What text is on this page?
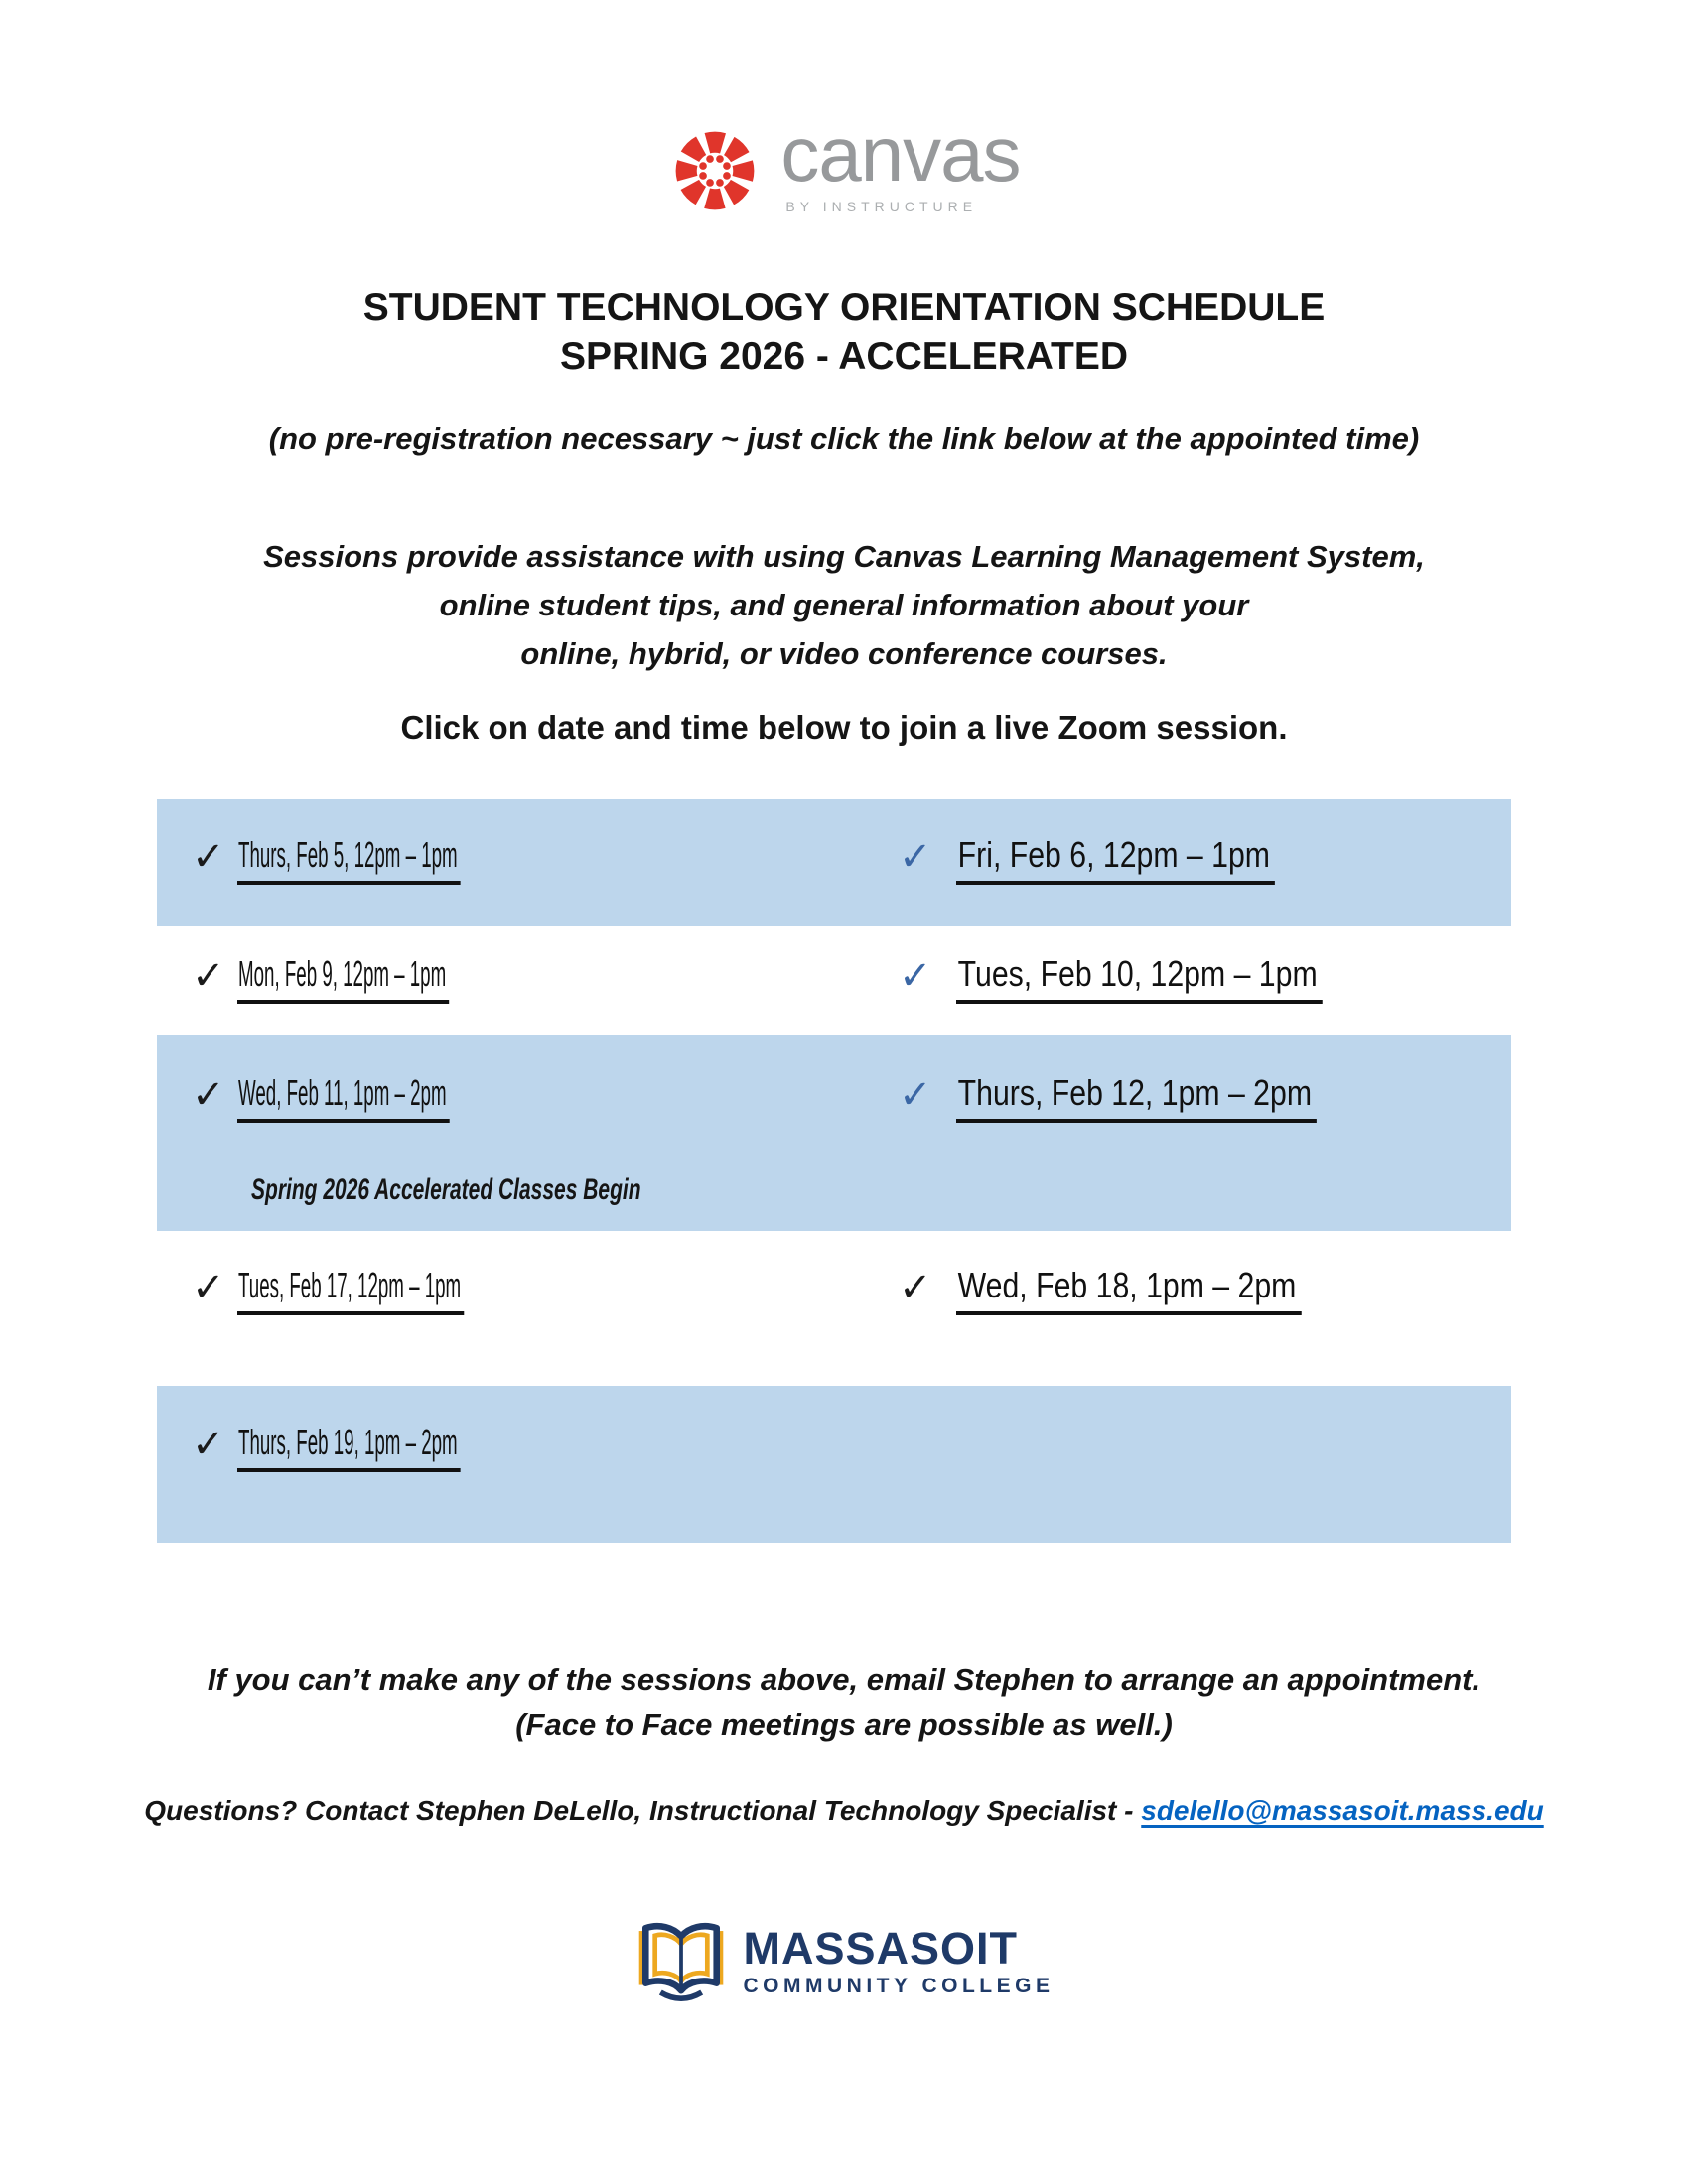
canvas
BY INSTRUCTURE
STUDENT TECHNOLOGY ORIENTATION SCHEDULE
SPRING 2026 - ACCELERATED
(no pre-registration necessary ~ just click the link below at the appointed time)
Sessions provide assistance with using Canvas Learning Management System,
online student tips, and general information about your
online, hybrid, or video conference courses.
Click on date and time below to join a live Zoom session.
✓ Thurs, Feb 5, 12pm – 1pm	✓ Fri, Feb 6, 12pm – 1pm
✓ Mon, Feb 9, 12pm – 1pm	✓ Tues, Feb 10, 12pm – 1pm
✓ Wed, Feb 11, 1pm – 2pm	✓ Thurs, Feb 12, 1pm – 2pm
Spring 2026 Accelerated Classes Begin
✓ Tues, Feb 17, 12pm – 1pm	✓ Wed, Feb 18, 1pm – 2pm
✓ Thurs, Feb 19, 1pm – 2pm
If you can’t make any of the sessions above, email Stephen to arrange an appointment.
(Face to Face meetings are possible as well.)
Questions? Contact Stephen DeLello, Instructional Technology Specialist - sdelello@massasoit.mass.edu
MASSASOIT
COMMUNITY COLLEGE
